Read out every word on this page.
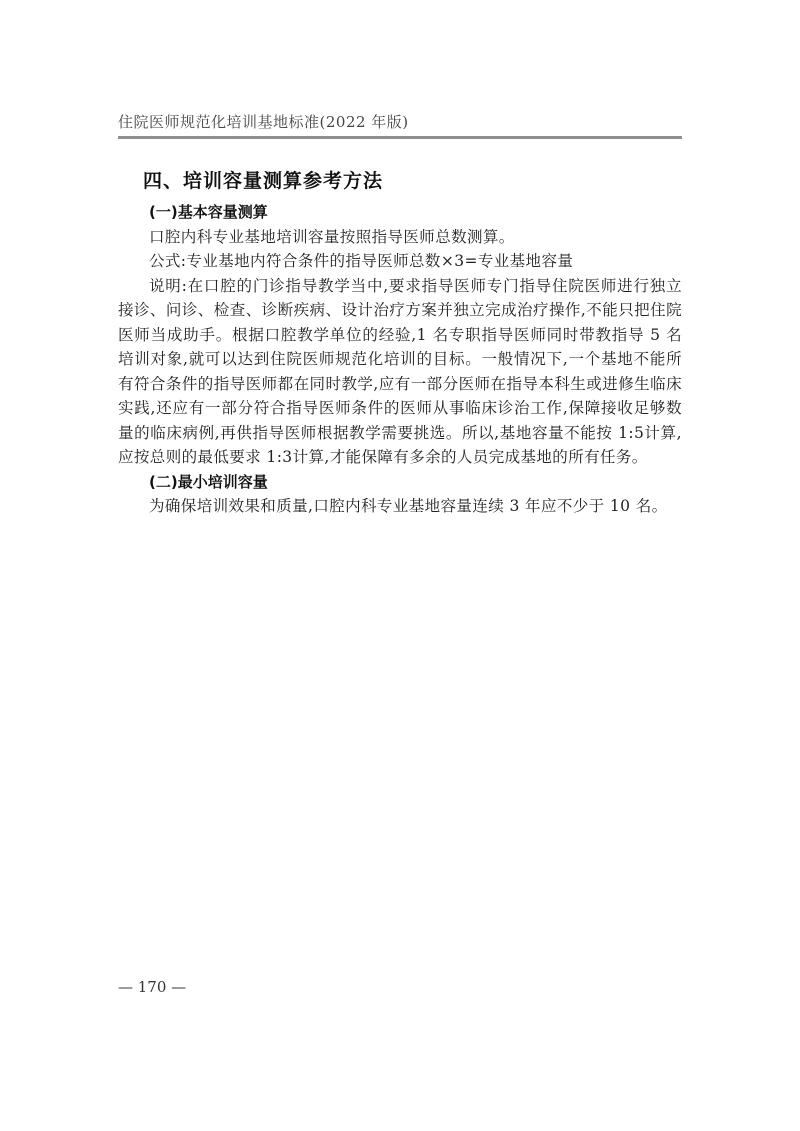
住院医师规范化培训基地标准(2022 年版)
四、培训容量测算参考方法
(一)基本容量测算

口腔内科专业基地培训容量按照指导医师总数测算。

公式:专业基地内符合条件的指导医师总数×3=专业基地容量

说明:在口腔的门诊指导教学当中,要求指导医师专门指导住院医师进行独立接诊、问诊、检查、诊断疾病、设计治疗方案并独立完成治疗操作,不能只把住院医师当成助手。根据口腔教学单位的经验,1 名专职指导医师同时带教指导 5 名培训对象,就可以达到住院医师规范化培训的目标。一般情况下,一个基地不能所有符合条件的指导医师都在同时教学,应有一部分医师在指导本科生或进修生临床实践,还应有一部分符合指导医师条件的医师从事临床诊治工作,保障接收足够数量的临床病例,再供指导医师根据教学需要挑选。所以,基地容量不能按 1:5计算,应按总则的最低要求 1:3计算,才能保障有多余的人员完成基地的所有任务。

(二)最小培训容量

为确保培训效果和质量,口腔内科专业基地容量连续 3 年应不少于 10 名。

— 170 —
